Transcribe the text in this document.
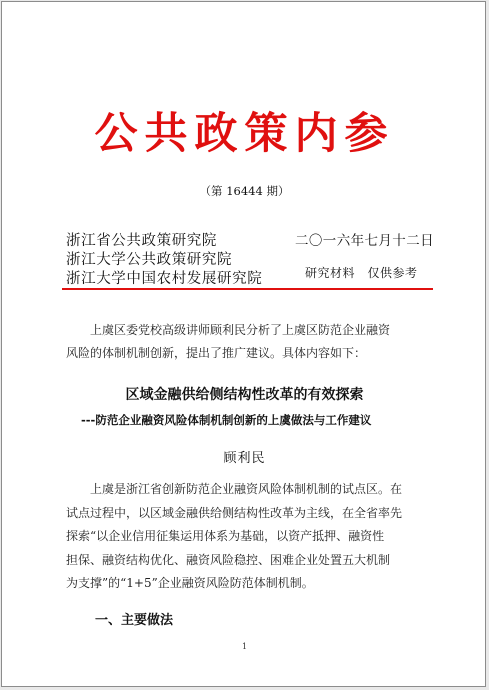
公共政策内参
（第 16444 期）
浙江省公共政策研究院
浙江大学公共政策研究院
浙江大学中国农村发展研究院
二〇一六年七月十二日
研究材料　仅供参考
上虞区委党校高级讲师顾利民分析了上虞区防范企业融资
风险的体制机制创新，提出了推广建议。具体内容如下：
区域金融供给侧结构性改革的有效探索
---防范企业融资风险体制机制创新的上虞做法与工作建议
顾利民
上虞是浙江省创新防范企业融资风险体制机制的试点区。在
试点过程中，以区域金融供给侧结构性改革为主线，在全省率先
探索“以企业信用征集运用体系为基础，以资产抵押、融资性
担保、融资结构优化、融资风险稳控、困难企业处置五大机制
为支撑”的“1+5”企业融资风险防范体制机制。
一、主要做法
1
